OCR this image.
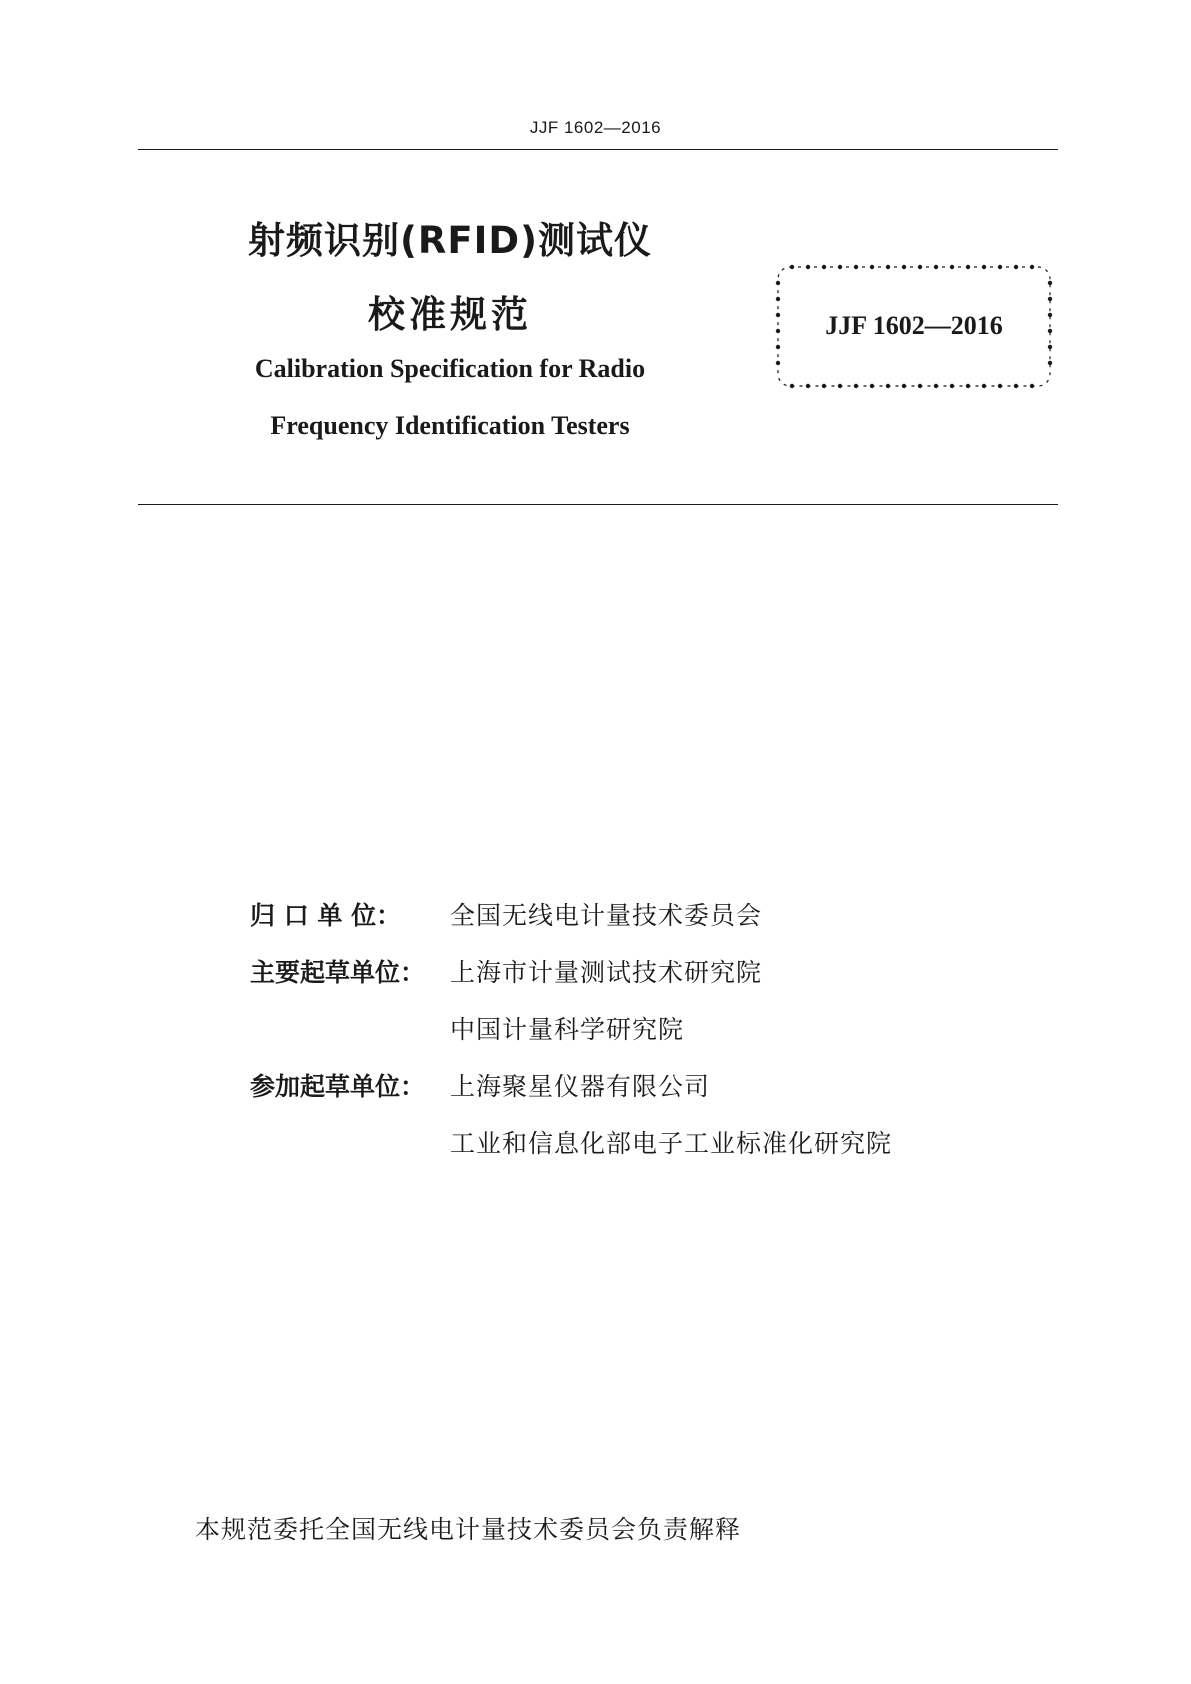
JJF 1602—2016
射频识别(RFID)测试仪
校准规范
Calibration Specification for Radio
Frequency Identification Testers
JJF 1602—2016
归 口 单 位：	全国无线电计量技术委员会
主要起草单位： 上海市计量测试技术研究院
中国计量科学研究院
参加起草单位： 上海聚星仪器有限公司
工业和信息化部电子工业标准化研究院
本规范委托全国无线电计量技术委员会负责解释
